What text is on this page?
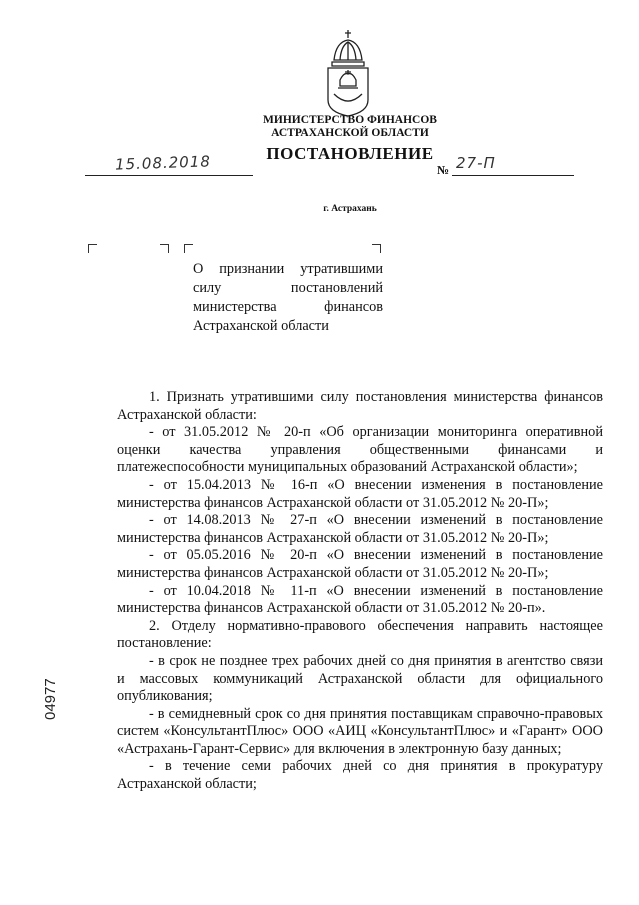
МИНИСТЕРСТВО ФИНАНСОВ
АСТРАХАНСКОЙ ОБЛАСТИ
ПОСТАНОВЛЕНИЕ
15.08.2018	№ 27-П
г. Астрахань
О признании утратившими силу постановлений министерства финансов Астраханской области

1. Признать утратившими силу постановления министерства финансов Астраханской области:

- от 31.05.2012 № 20-п «Об организации мониторинга оперативной оценки качества управления общественными финансами и платежеспособности муниципальных образований Астраханской области»;

- от 15.04.2013 № 16-п «О внесении изменения в постановление министерства финансов Астраханской области от 31.05.2012 № 20-П»;

- от 14.08.2013 № 27-п «О внесении изменений в постановление министерства финансов Астраханской области от 31.05.2012 № 20-П»;

- от 05.05.2016 № 20-п «О внесении изменений в постановление министерства финансов Астраханской области от 31.05.2012 № 20-П»;

- от 10.04.2018 № 11-п «О внесении изменений в постановление министерства финансов Астраханской области от 31.05.2012 № 20-п».

2. Отделу нормативно-правового обеспечения направить настоящее постановление:

- в срок не позднее трех рабочих дней со дня принятия в агентство связи и массовых коммуникаций Астраханской области для официального опубликования;

- в семидневный срок со дня принятия поставщикам справочно-правовых систем «КонсультантПлюс» ООО «АИЦ «КонсультантПлюс» и «Гарант» ООО «Астрахань-Гарант-Сервис» для включения в электронную базу данных;

- в течение семи рабочих дней со дня принятия в прокуратуру Астраханской области;

04977
